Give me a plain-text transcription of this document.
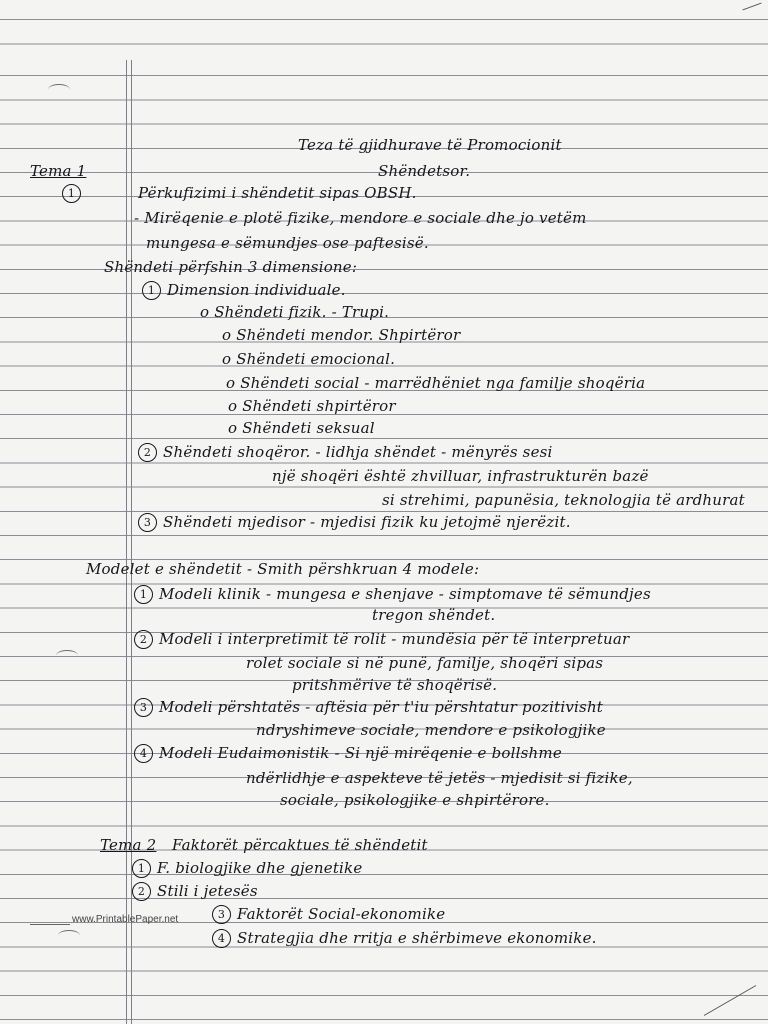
Teza të gjidhurave të Promocionit
Shëndetsor.
Tema 1
1	Përkufizimi i shëndetit sipas OBSH.
- Mirëqenie e plotë fizike, mendore e sociale dhe jo vetëm
mungesa e sëmundjes ose paftesisë.
Shëndeti përfshin 3 dimensione:
1 Dimension individuale.
o Shëndeti fizik. - Trupi.
o Shëndeti mendor. Shpirtëror
o Shëndeti emocional.
o Shëndeti social - marrëdhëniet nga familje shoqëria
o Shëndeti shpirtëror
o Shëndeti seksual
2 Shëndeti shoqëror. - lidhja shëndet - mënyrës sesi
një shoqëri është zhvilluar, infrastrukturën bazë
si strehimi, papunësia, teknologjia të ardhurat
3 Shëndeti mjedisor - mjedisi fizik ku jetojmë njerëzit.
Modelet e shëndetit - Smith përshkruan 4 modele:
1 Modeli klinik - mungesa e shenjave - simptomave të sëmundjes
tregon shëndet.
2 Modeli i interpretimit të rolit - mundësia për të interpretuar
rolet sociale si në punë, familje, shoqëri sipas
pritshmërive të shoqërisë.
3 Modeli përshtatës - aftësia për t'iu përshtatur pozitivisht
ndryshimeve sociale, mendore e psikologjike
4 Modeli Eudaimonistik - Si një mirëqenie e bollshme
ndërlidhje e aspekteve të jetës - mjedisit si fizike,
sociale, psikologjike e shpirtërore.
Tema 2 Faktorët përcaktues të shëndetit
1 F. biologjike dhe gjenetike
2 Stili i jetesës
3 Faktorët Social-ekonomike
4 Strategjia dhe rritja e shërbimeve ekonomike.
www.PrintablePaper.net
